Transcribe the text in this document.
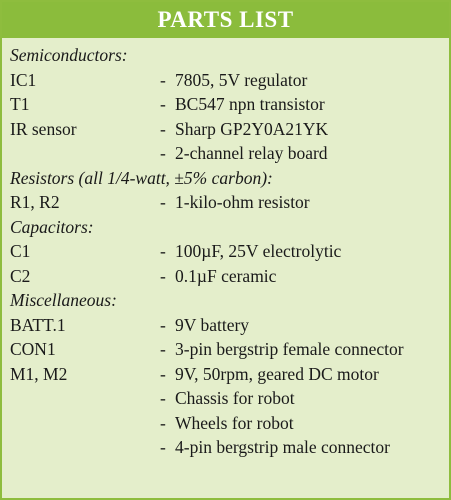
PARTS LIST
Semiconductors:
IC1	- 7805, 5V regulator
T1	- BC547 npn transistor
IR sensor	- Sharp GP2Y0A21YK
- 2-channel relay board
Resistors (all 1/4-watt, ±5% carbon):
R1, R2	- 1-kilo-ohm resistor
Capacitors:
C1	- 100µF, 25V electrolytic
C2	- 0.1µF ceramic
Miscellaneous:
BATT.1	- 9V battery
CON1	- 3-pin bergstrip female connector
M1, M2	- 9V, 50rpm, geared DC motor
- Chassis for robot
- Wheels for robot
- 4-pin bergstrip male connector
